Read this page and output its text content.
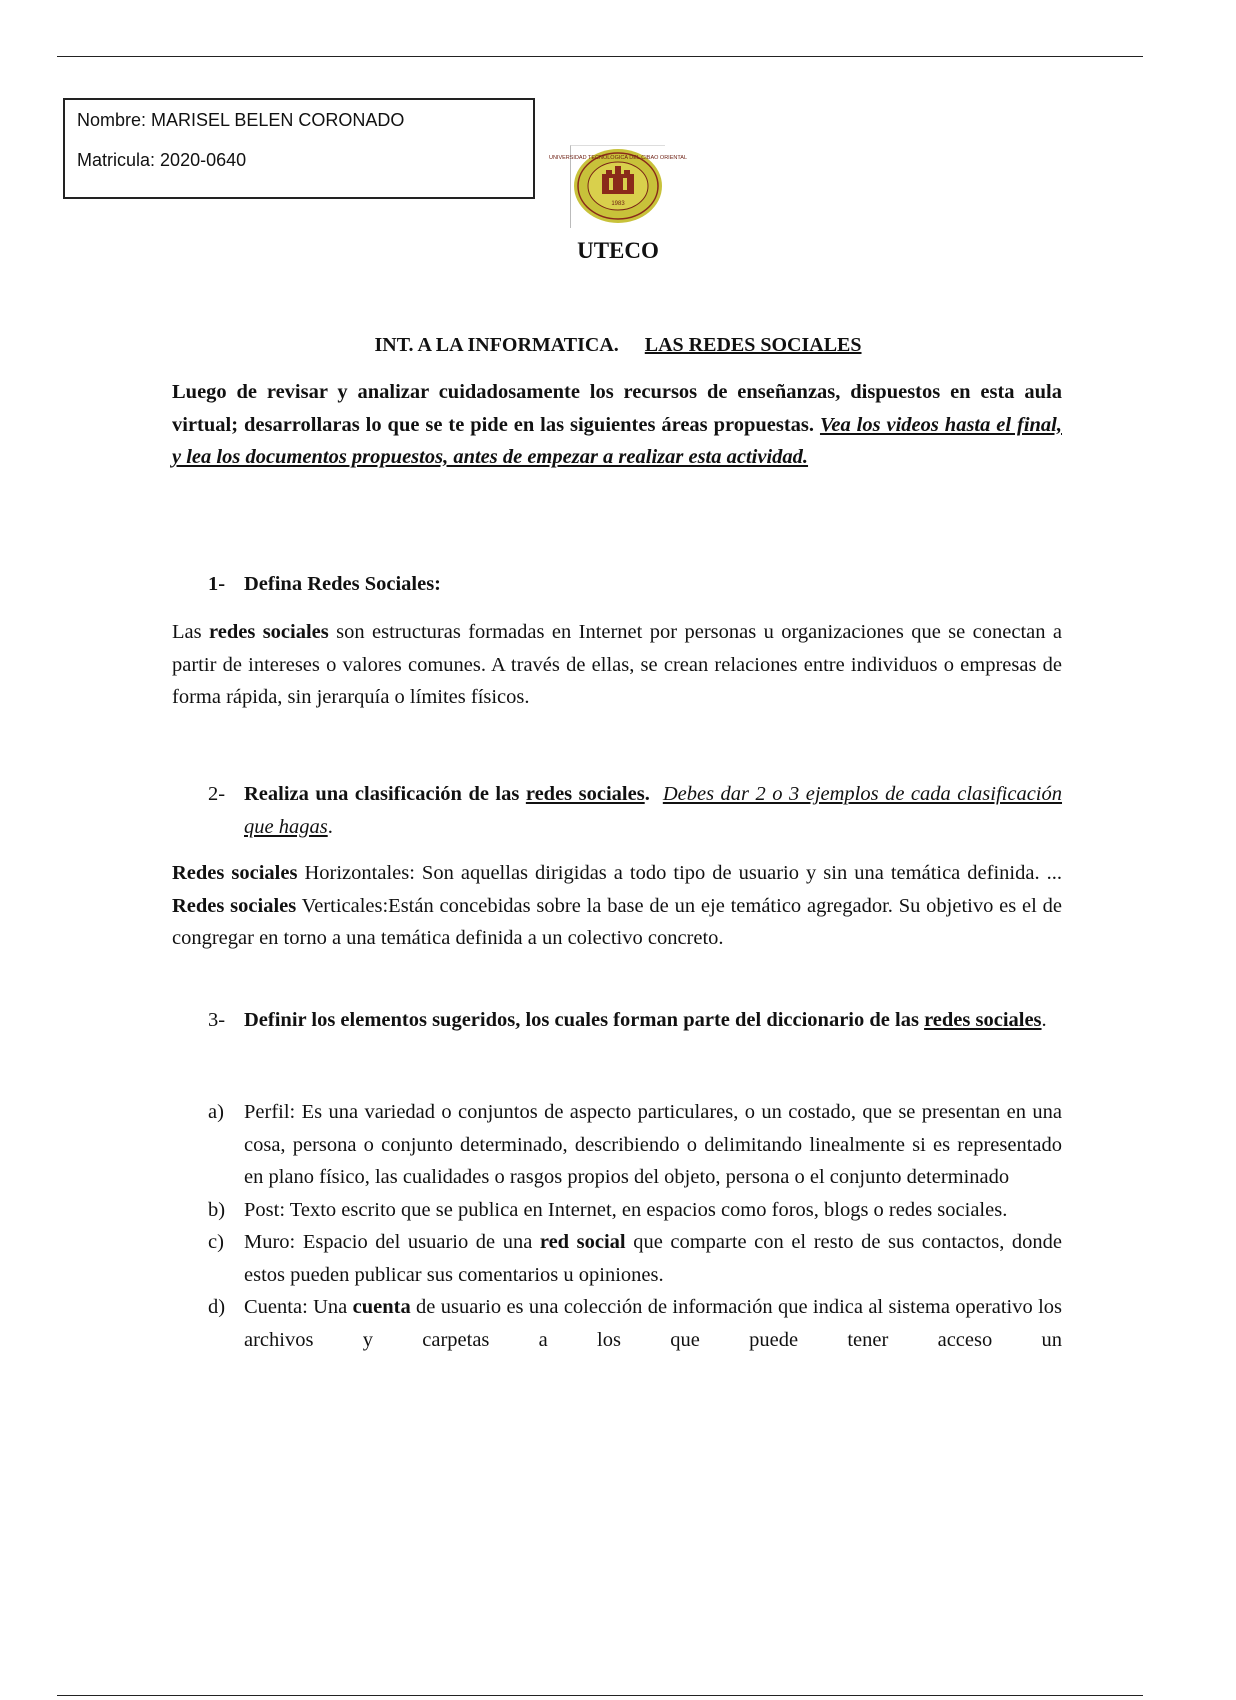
Nombre: MARISEL BELEN CORONADO
Matricula: 2020-0640	UNIVERSIDAD TECNOLOGICA DEL CIBAO ORIENTAL
1983
UTECO
INT. A LA INFORMATICA. LAS REDES SOCIALES
Luego de revisar y analizar cuidadosamente los recursos de enseñanzas, dispuestos en esta aula virtual; desarrollaras lo que se te pide en las siguientes áreas propuestas. Vea los videos hasta el final, y lea los documentos propuestos, antes de empezar a realizar esta actividad.
1- Defina Redes Sociales:
Las redes sociales son estructuras formadas en Internet por personas u organizaciones que se conectan a partir de intereses o valores comunes. A través de ellas, se crean relaciones entre individuos o empresas de forma rápida, sin jerarquía o límites físicos.
2- Realiza una clasificación de las redes sociales. Debes dar 2 o 3 ejemplos de cada clasificación que hagas.
Redes sociales Horizontales: Son aquellas dirigidas a todo tipo de usuario y sin una temática definida. ... Redes sociales Verticales:Están concebidas sobre la base de un eje temático agregador. Su objetivo es el de congregar en torno a una temática definida a un colectivo concreto.
3- Definir los elementos sugeridos, los cuales forman parte del diccionario de las redes sociales.
a) Perfil: Es una variedad o conjuntos de aspecto particulares, o un costado, que se presentan en una cosa, persona o conjunto determinado, describiendo o delimitando linealmente si es representado en plano físico, las cualidades o rasgos propios del objeto, persona o el conjunto determinado
b) Post: Texto escrito que se publica en Internet, en espacios como foros, blogs o redes sociales.
c) Muro: Espacio del usuario de una red social que comparte con el resto de sus contactos, donde estos pueden publicar sus comentarios u opiniones.
d) Cuenta: Una cuenta de usuario es una colección de información que indica al sistema operativo los archivos y carpetas a los que puede tener acceso un
